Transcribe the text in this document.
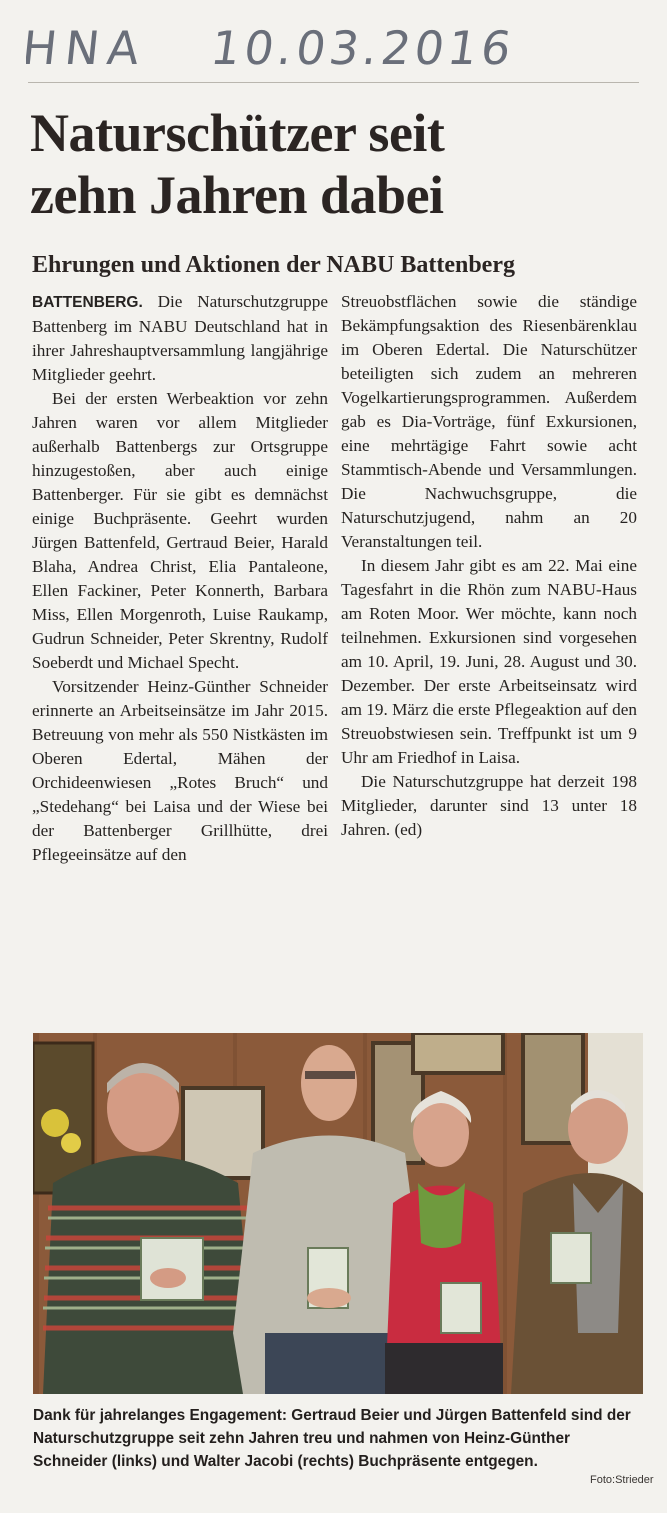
HNA 10.03.2016
Naturschützer seit
zehn Jahren dabei
Ehrungen und Aktionen der NABU Battenberg

BATTENBERG. Die Naturschutzgruppe Battenberg im NABU Deutschland hat in ihrer Jahreshauptversammlung langjährige Mitglieder geehrt.

Bei der ersten Werbeaktion vor zehn Jahren waren vor allem Mitglieder außerhalb Battenbergs zur Ortsgruppe hinzugestoßen, aber auch einige Battenberger. Für sie gibt es demnächst einige Buchpräsente. Geehrt wurden Jürgen Battenfeld, Gertraud Beier, Harald Blaha, Andrea Christ, Elia Pantaleone, Ellen Fackiner, Peter Konnerth, Barbara Miss, Ellen Morgenroth, Luise Raukamp, Gudrun Schneider, Peter Skrentny, Rudolf Soeberdt und Michael Specht.

Vorsitzender Heinz-Günther Schneider erinnerte an Arbeitseinsätze im Jahr 2015. Betreuung von mehr als 550 Nistkästen im Oberen Edertal, Mähen der Orchideenwiesen „Rotes Bruch“ und „Stedehang“ bei Laisa und der Wiese bei der Battenberger Grillhütte, drei Pflegeeinsätze auf den

Streuobstflächen sowie die ständige Bekämpfungsaktion des Riesenbärenklau im Oberen Edertal. Die Naturschützer beteiligten sich zudem an mehreren Vogelkartierungsprogrammen. Außerdem gab es Dia-Vorträge, fünf Exkursionen, eine mehrtägige Fahrt sowie acht Stammtisch-Abende und Versammlungen. Die Nachwuchsgruppe, die Naturschutzjugend, nahm an 20 Veranstaltungen teil.

In diesem Jahr gibt es am 22. Mai eine Tagesfahrt in die Rhön zum NABU-Haus am Roten Moor. Wer möchte, kann noch teilnehmen. Exkursionen sind vorgesehen am 10. April, 19. Juni, 28. August und 30. Dezember. Der erste Arbeitseinsatz wird am 19. März die erste Pflegeaktion auf den Streuobstwiesen sein. Treffpunkt ist um 9 Uhr am Friedhof in Laisa.

Die Naturschutzgruppe hat derzeit 198 Mitglieder, darunter sind 13 unter 18 Jahren. (ed)

Dank für jahrelanges Engagement: Gertraud Beier und Jürgen Battenfeld sind der Naturschutzgruppe seit zehn Jahren treu und nahmen von Heinz-Günther Schneider (links) und Walter Jacobi (rechts) Buchpräsente entgegen.

Foto:Strieder
